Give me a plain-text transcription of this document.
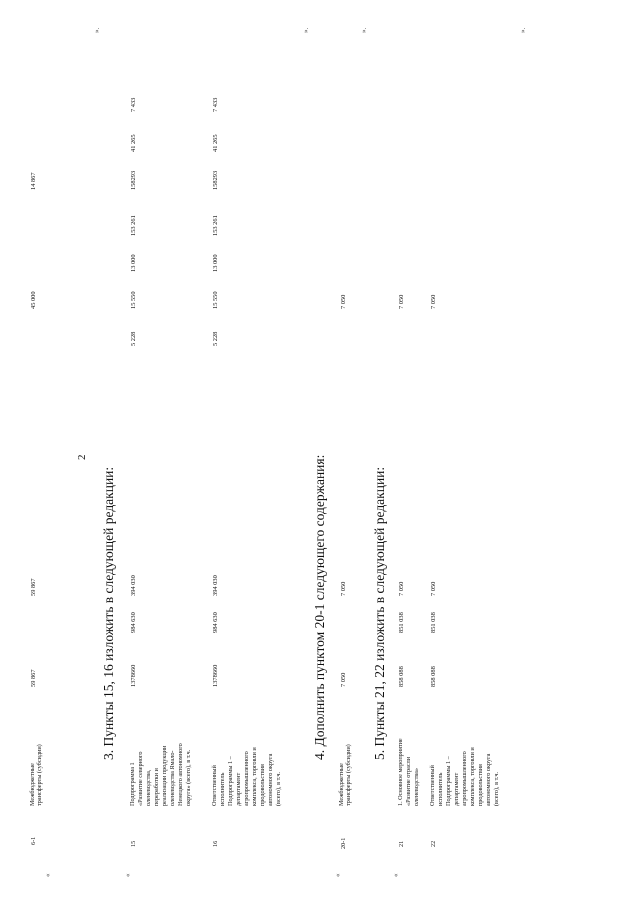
2
3. Пункты 15, 16 изложить в следующей редакции:	4. Дополнить пунктом 20-1 следующего содержания:	5. Пункты 21, 22 изложить в следующей редакции:
«
».
«
».
«
».
«
».
6-1
Межбюджетные трансферты (субсидии)
59 867
59 867
45 000
14 867
15
Подпрограмма 1 «Развитие северного оленеводства, переработки и реализации продукции оленеводства Ямало- Ненецкого автономного округа» (всего), в т.ч.
1378660
984 630
394 030
5 228
15 550
13 000
153 261
158293
41 265
7 433
16
Ответственный исполнитель Подпрограммы 1 – департамент агропромышленного комплекса, торговли и продовольствия автономного округа (всего), в т.ч.
1378660
984 630
394 030
5 228
15 550
13 000
153 261
158293
41 265
7 433
20-1
Межбюджетные трансферты (субсидии)
7 050
7 050
7 050
21
1. Основное мероприятие «Развитие отрасли оленеводства»
858 088
851 038
7 050
7 050
22
Ответственный исполнитель Подпрограммы 1 – департамент агропромышленного комплекса, торговли и продовольствия автономного округа (всего), в т.ч.
858 088
851 038
7 050
7 050
